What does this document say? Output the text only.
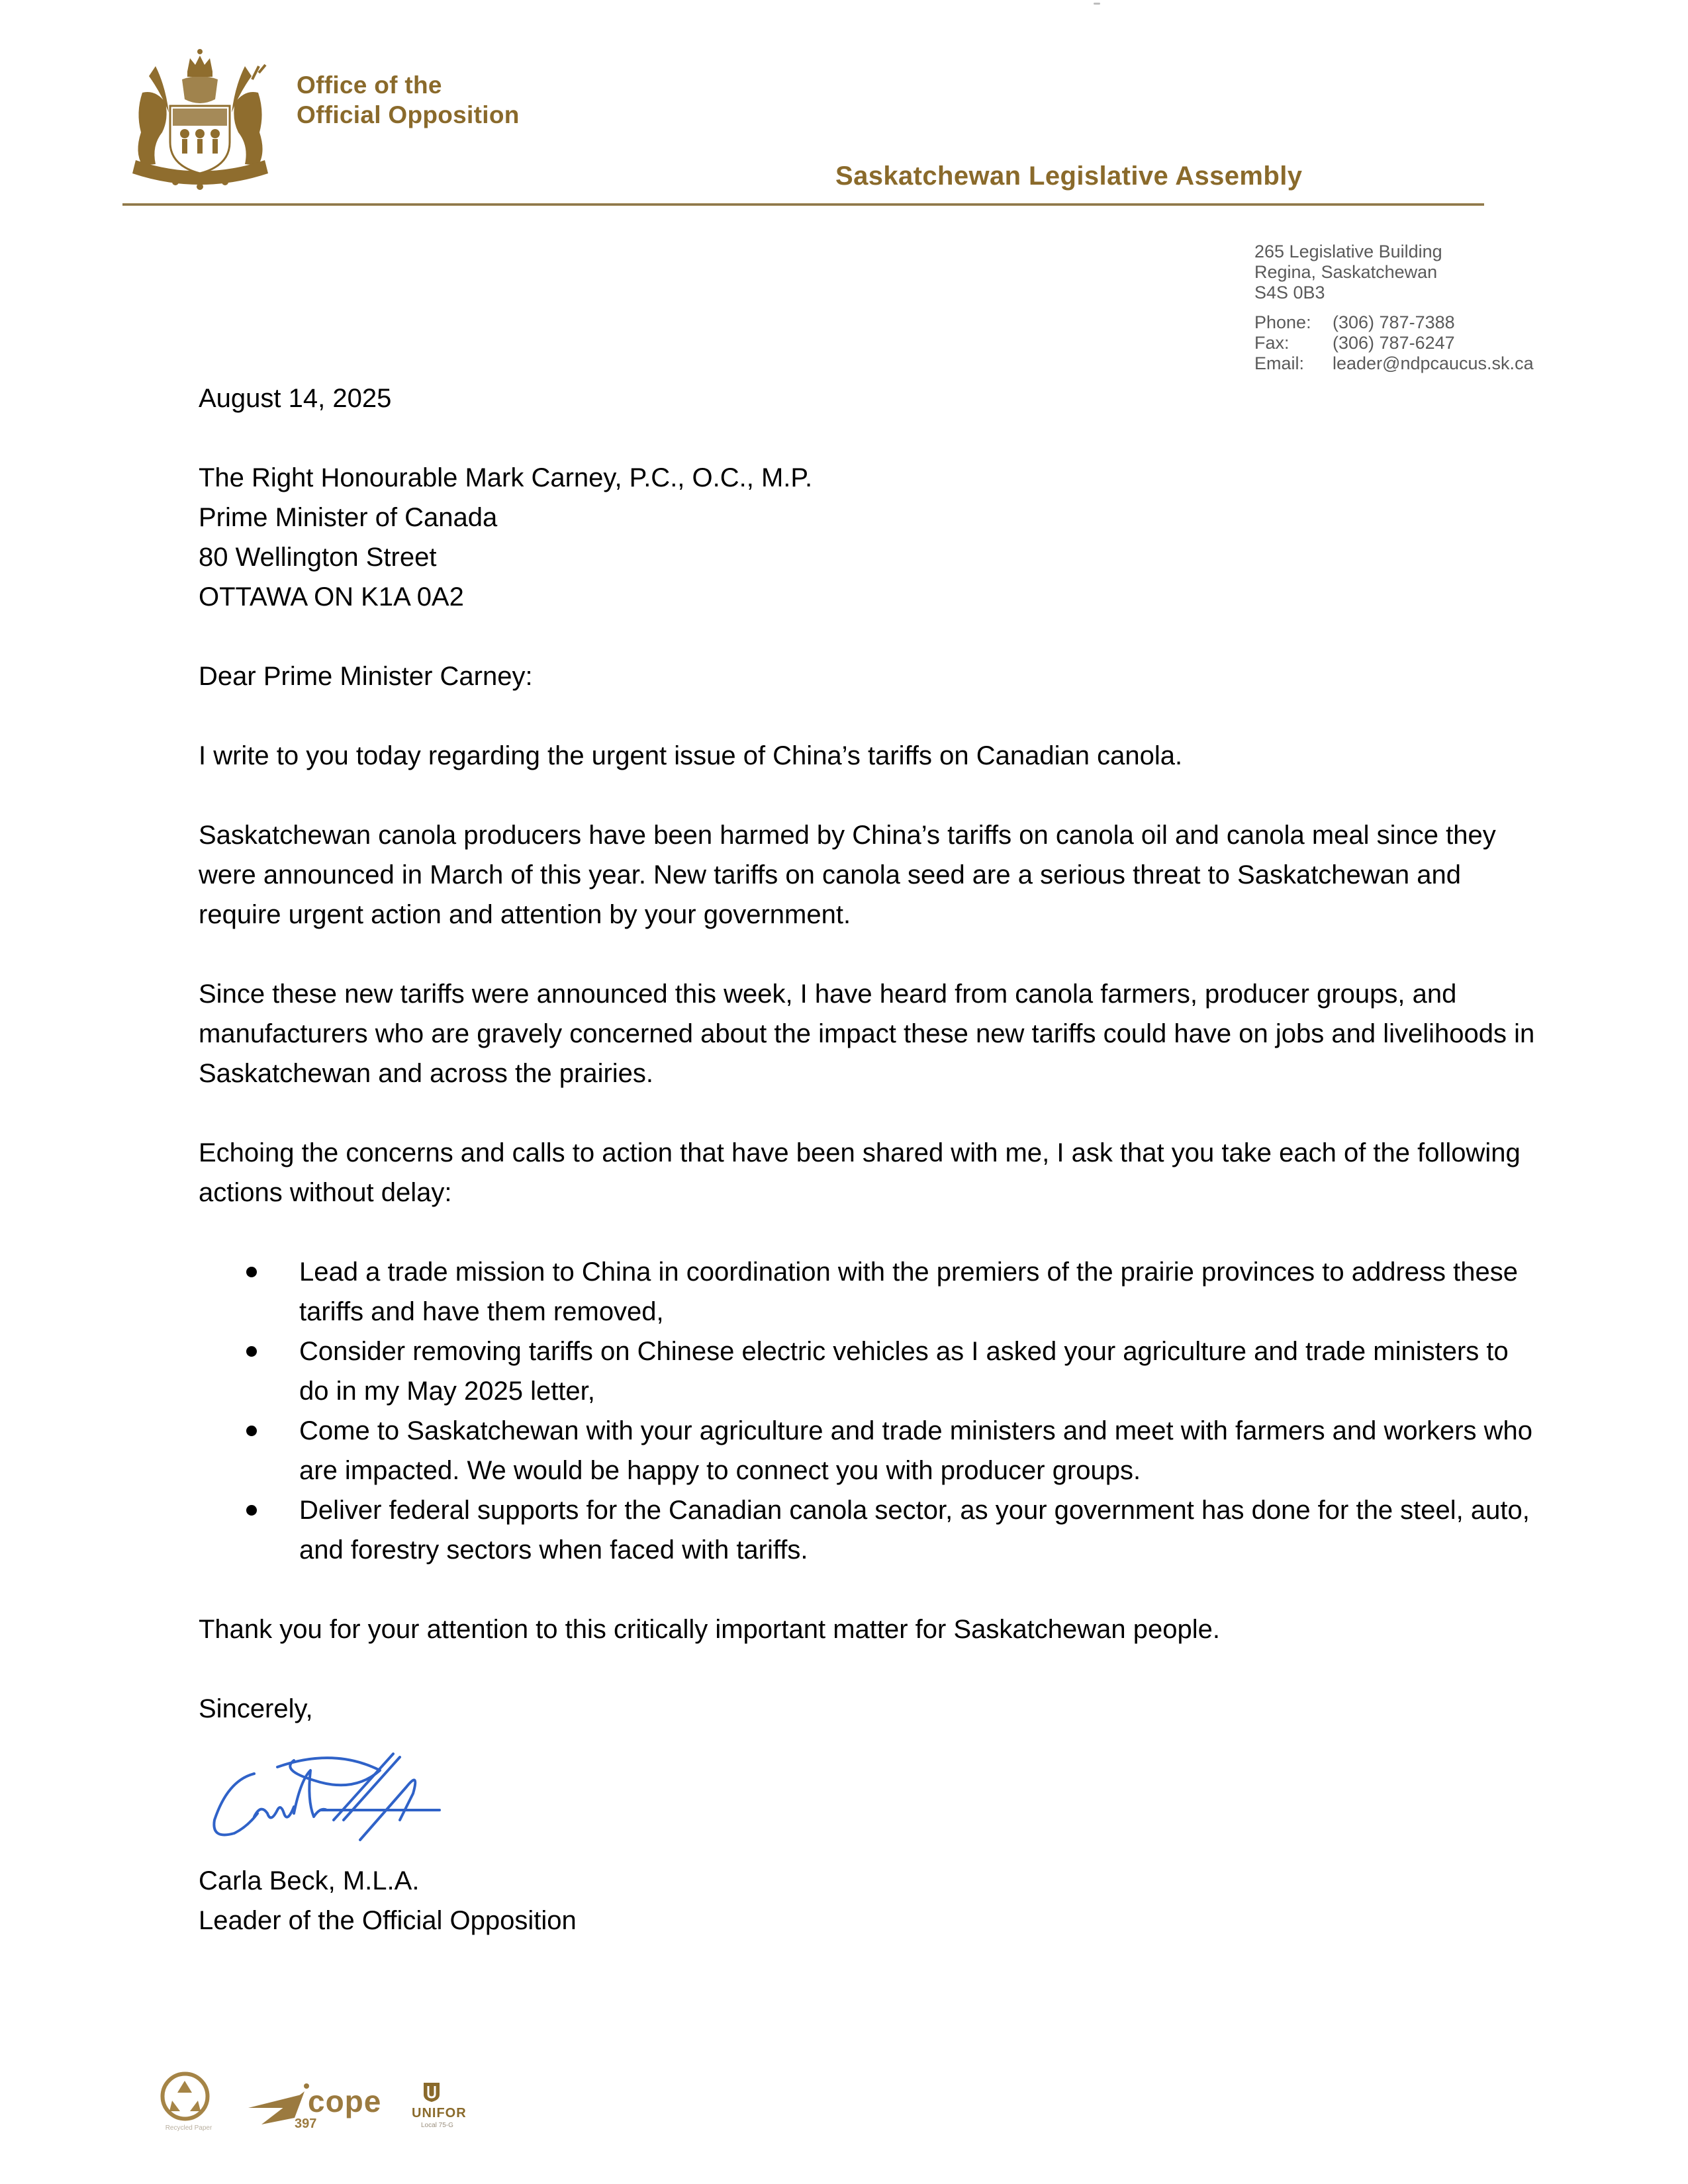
Office of the
Official Opposition
Saskatchewan Legislative Assembly
265 Legislative Building
Regina, Saskatchewan
S4S 0B3
Phone: (306) 787-7388
Fax: (306) 787-6247
Email: leader@ndpcaucus.sk.ca

August 14, 2025

The Right Honourable Mark Carney, P.C., O.C., M.P.

Prime Minister of Canada

80 Wellington Street

OTTAWA ON K1A 0A2

Dear Prime Minister Carney:

I write to you today regarding the urgent issue of China’s tariffs on Canadian canola.

Saskatchewan canola producers have been harmed by China’s tariffs on canola oil and canola meal since they were announced in March of this year. New tariffs on canola seed are a serious threat to Saskatchewan and require urgent action and attention by your government.

Since these new tariffs were announced this week, I have heard from canola farmers, producer groups, and manufacturers who are gravely concerned about the impact these new tariffs could have on jobs and livelihoods in Saskatchewan and across the prairies.

Echoing the concerns and calls to action that have been shared with me, I ask that you take each of the following actions without delay:

Lead a trade mission to China in coordination with the premiers of the prairie provinces to address these tariffs and have them removed,
Consider removing tariffs on Chinese electric vehicles as I asked your agriculture and trade ministers to do in my May 2025 letter,
Come to Saskatchewan with your agriculture and trade ministers and meet with farmers and workers who are impacted. We would be happy to connect you with producer groups.
Deliver federal supports for the Canadian canola sector, as your government has done for the steel, auto, and forestry sectors when faced with tariffs.

Thank you for your attention to this critically important matter for Saskatchewan people.

Sincerely,

Carla Beck, M.L.A.

Leader of the Official Opposition

Recycled Paper
cope
397
UNIFOR
Local 75-G
